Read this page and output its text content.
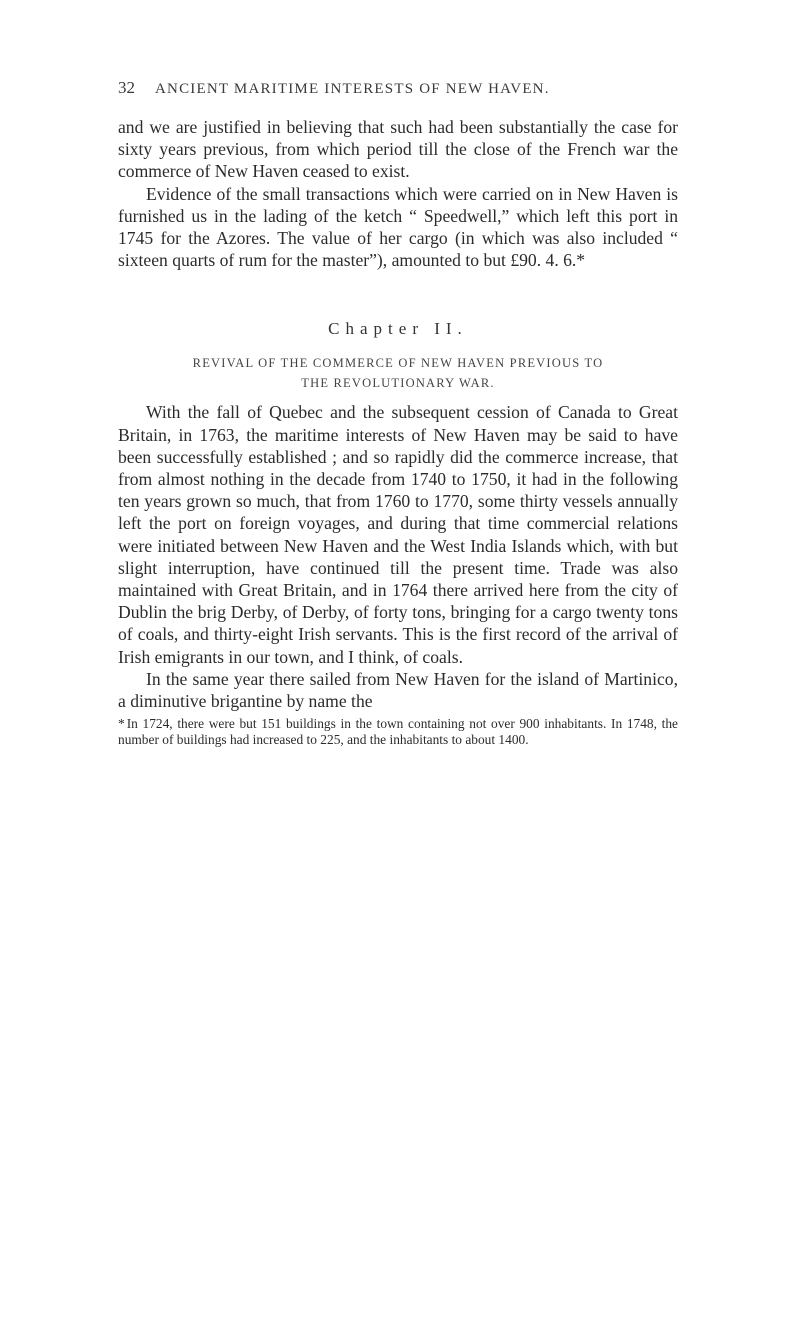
32 ANCIENT MARITIME INTERESTS OF NEW HAVEN.

and we are justified in believing that such had been substantially the case for sixty years previous, from which period till the close of the French war the commerce of New Haven ceased to exist.

Evidence of the small transactions which were carried on in New Haven is furnished us in the lading of the ketch “ Speedwell,” which left this port in 1745 for the Azores. The value of her cargo (in which was also included “ sixteen quarts of rum for the master”), amounted to but £90. 4. 6.*

Chapter II.
REVIVAL OF THE COMMERCE OF NEW HAVEN PREVIOUS TO
THE REVOLUTIONARY WAR.

With the fall of Quebec and the subsequent cession of Canada to Great Britain, in 1763, the maritime interests of New Haven may be said to have been successfully established ; and so rapidly did the commerce increase, that from almost nothing in the decade from 1740 to 1750, it had in the following ten years grown so much, that from 1760 to 1770, some thirty vessels annually left the port on foreign voyages, and during that time commercial relations were initiated between New Haven and the West India Islands which, with but slight interruption, have continued till the present time. Trade was also maintained with Great Britain, and in 1764 there arrived here from the city of Dublin the brig Derby, of Derby, of forty tons, bringing for a cargo twenty tons of coals, and thirty-eight Irish servants. This is the first record of the arrival of Irish emigrants in our town, and I think, of coals.

In the same year there sailed from New Haven for the island of Martinico, a diminutive brigantine by name the

* In 1724, there were but 151 buildings in the town containing not over 900 inhabitants. In 1748, the number of buildings had increased to 225, and the inhabitants to about 1400.
